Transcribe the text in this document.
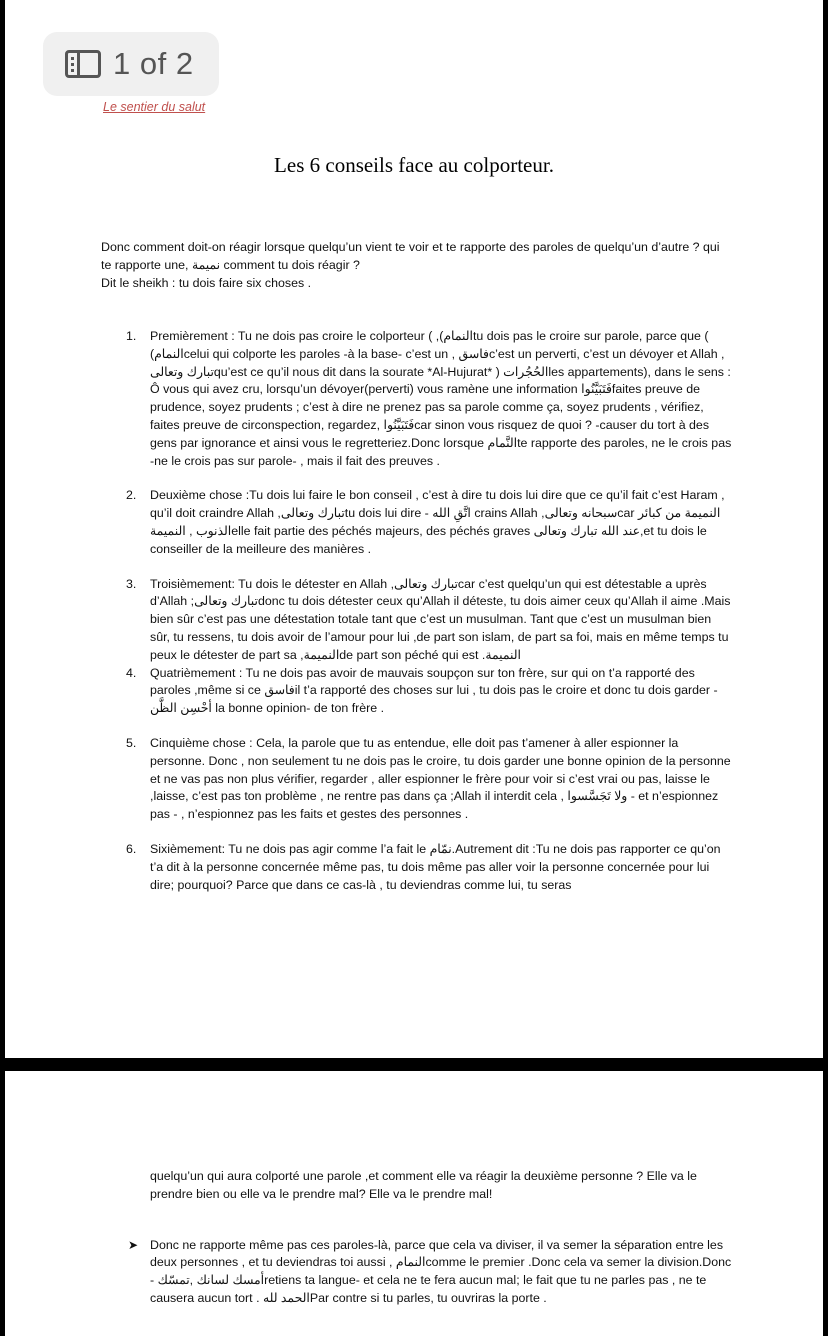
1 of 2
Le sentier du salut
Les 6 conseils face au colporteur.

Donc comment doit-on réagir lorsque quelqu’un vient te voir et te rapporte des paroles de quelqu’un d’autre ? qui te rapporte une, نميمة comment tu dois réagir ?

Dit le sheikh : tu dois faire six choses .

1. Premièrement : Tu ne dois pas croire le colporteur ( ,(النمامtu dois pas le croire sur parole, parce que ( (النمامcelui qui colporte les paroles -à la base- c’est un , فاسقc’est un perverti, c’est un dévoyer et Allah , تبارك وتعالىqu’est ce qu’il nous dit dans la sourate *Al-Hujurat* ) الحُجُراتles appartements), dans le sens : Ô vous qui avez cru, lorsqu’un dévoyer(perverti) vous ramène une information فَتَبَيَّنُواfaites preuve de prudence, soyez prudents ; c’est à dire ne prenez pas sa parole comme ça, soyez prudents , vérifiez, faites preuve de circonspection, regardez, فَتَبَيَّنُواcar sinon vous risquez de quoi ? -causer du tort à des gens par ignorance et ainsi vous le regretteriez.Donc lorsque النَّمامte rapporte des paroles, ne le crois pas -ne le crois pas sur parole- , mais il fait des preuves .

2. Deuxième chose :Tu dois lui faire le bon conseil , c’est à dire tu dois lui dire que ce qu’il fait c’est Haram , qu’il doit craindre Allah ,تبارك وتعالىtu dois lui dire - اتَّقِ الله crains Allah ,سبحانه وتعالىcar النميمة من كبائر الذنوب , النميمةelle fait partie des péchés majeurs, des péchés graves عند الله تبارك وتعالى,et tu dois le conseiller de la meilleure des manières .

3. Troisièmement: Tu dois le détester en Allah ,تبارك وتعالىcar c’est quelqu’un qui est détestable a uprès d’Allah ;تبارك وتعالىdonc tu dois détester ceux qu’Allah il déteste, tu dois aimer ceux qu’Allah il aime .Mais bien sûr c’est pas une détestation totale tant que c’est un musulman. Tant que c’est un musulman bien sûr, tu ressens, tu dois avoir de l’amour pour lui ,de part son islam, de part sa foi, mais en même temps tu peux le détester de part sa ,النميمةde part son péché qui est .النميمة

4. Quatrièmement : Tu ne dois pas avoir de mauvais soupçon sur ton frère, sur qui on t’a rapporté des paroles ,même si ce فاسقil t’a rapporté des choses sur lui , tu dois pas le croire et donc tu dois garder - أحْسِن الظَّن la bonne opinion- de ton frère .

5. Cinquième chose : Cela, la parole que tu as entendue, elle doit pas t’amener à aller espionner la personne. Donc , non seulement tu ne dois pas le croire, tu dois garder une bonne opinion de la personne et ne vas pas non plus vérifier, regarder , aller espionner le frère pour voir si c’est vrai ou pas, laisse le ,laisse, c’est pas ton problème , ne rentre pas dans ça ;Allah il interdit cela , ولا تَجَسَّسوا - et n’espionnez pas - , n’espionnez pas les faits et gestes des personnes .

6. Sixièmement: Tu ne dois pas agir comme l’a fait le نمّام.Autrement dit :Tu ne dois pas rapporter ce qu’on t’a dit à la personne concernée même pas, tu dois même pas aller voir la personne concernée pour lui dire; pourquoi? Parce que dans ce cas-là , tu deviendras comme lui, tu seras

quelqu’un qui aura colporté une parole ,et comment elle va réagir la deuxième personne ? Elle va le prendre bien ou elle va le prendre mal? Elle va le prendre mal!

➤ Donc ne rapporte même pas ces paroles-là, parce que cela va diviser, il va semer la séparation entre les deux personnes , et tu deviendras toi aussi , النمامcomme le premier .Donc cela va semer la division.Donc - أمسك لسانك ,تمسّكretiens ta langue- et cela ne te fera aucun mal; le fait que tu ne parles pas , ne te causera aucun tort . الحمد للهPar contre si tu parles, tu ouvriras la porte .
